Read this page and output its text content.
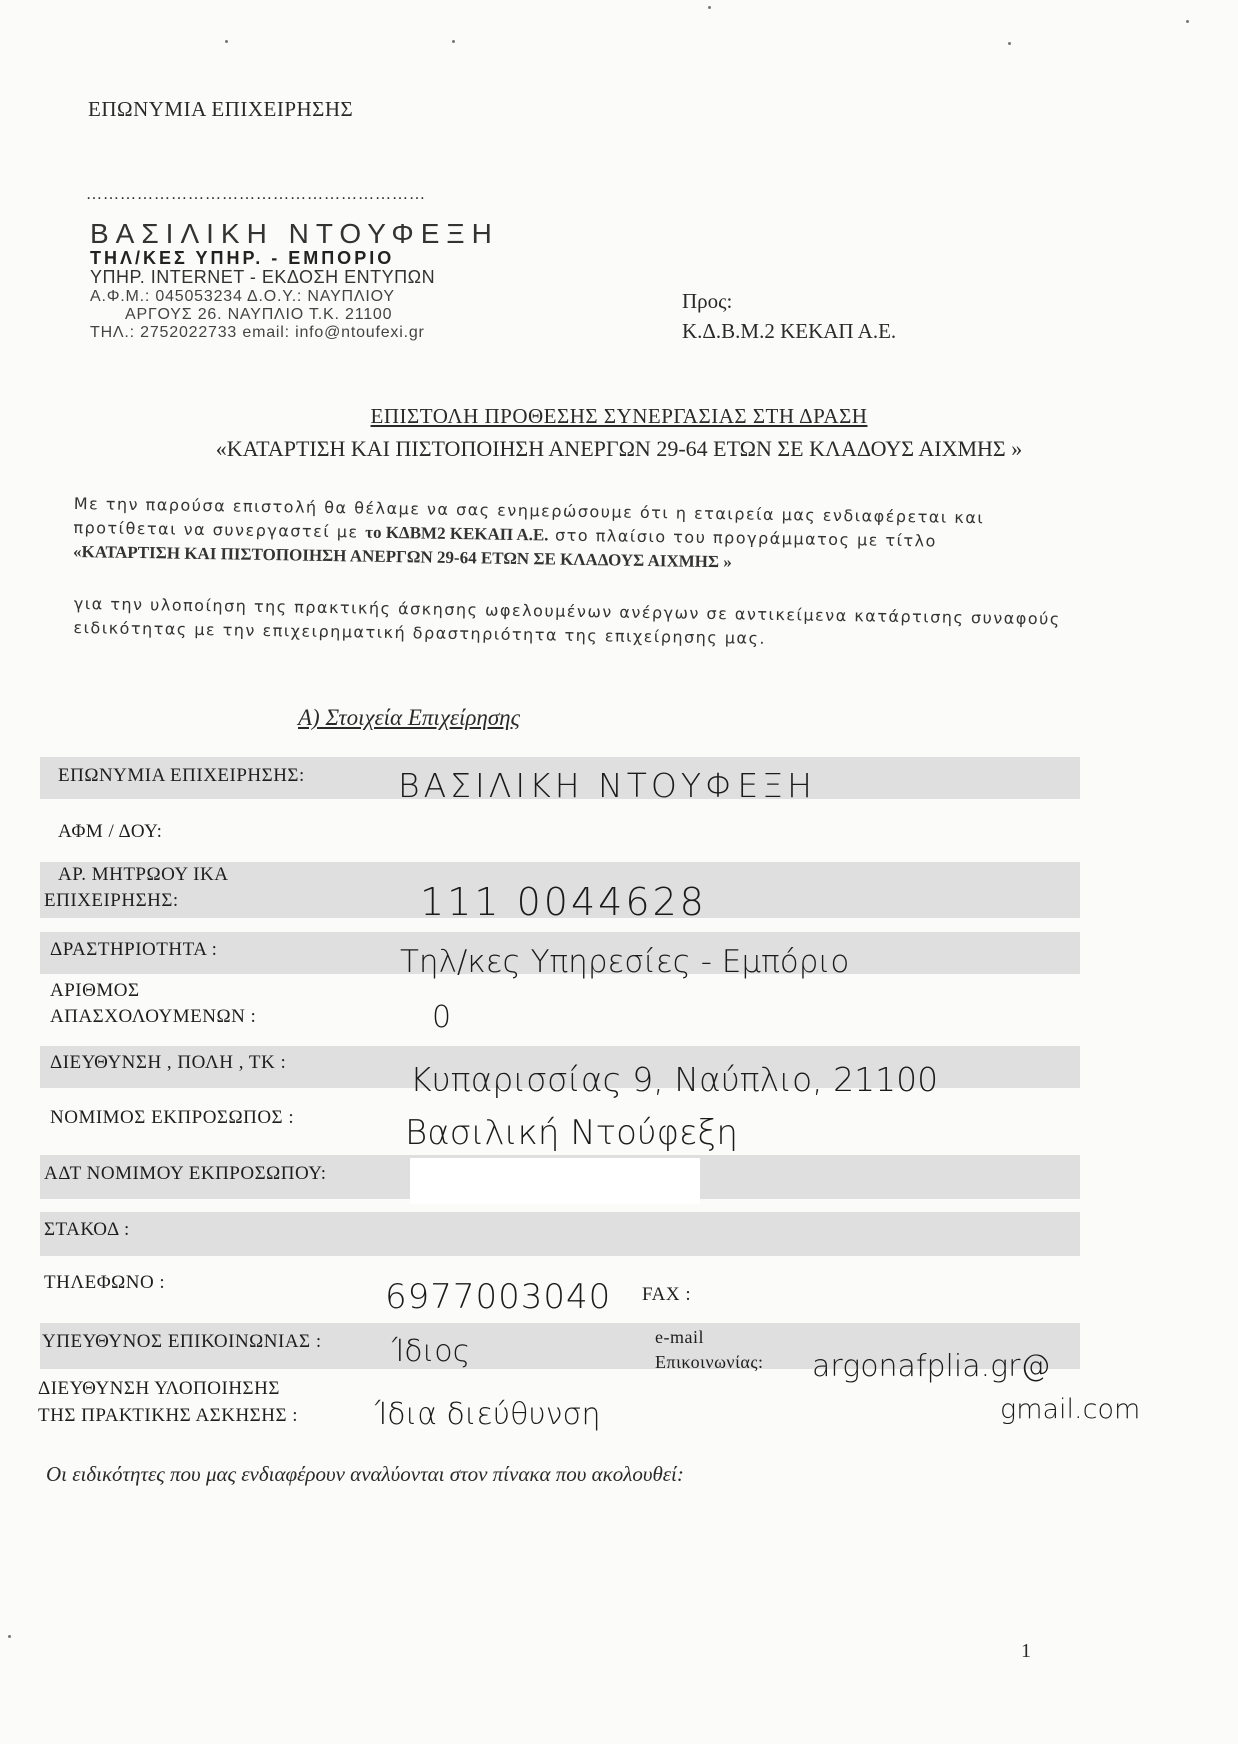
ΕΠΩΝΥΜΙΑ ΕΠΙΧΕΙΡΗΣΗΣ
……………………………………………………
ΒΑΣΙΛΙΚΗ ΝΤΟΥΦΕΞΗ
ΤΗΛ/ΚΕΣ ΥΠΗΡ. - ΕΜΠΟΡΙΟ
ΥΠΗΡ. INTERNET - ΕΚΔΟΣΗ ΕΝΤΥΠΩΝ
Α.Φ.Μ.: 045053234 Δ.Ο.Υ.: ΝΑΥΠΛΙΟΥ
ΑΡΓΟΥΣ 26. ΝΑΥΠΛΙΟ Τ.Κ. 21100
ΤΗΛ.: 2752022733 email: info@ntoufexi.gr
Προς:
Κ.Δ.Β.Μ.2 ΚΕΚΑΠ Α.Ε.
ΕΠΙΣΤΟΛΗ ΠΡΟΘΕΣΗΣ ΣΥΝΕΡΓΑΣΙΑΣ ΣΤΗ ΔΡΑΣΗ
«ΚΑΤΑΡΤΙΣΗ ΚΑΙ ΠΙΣΤΟΠΟΙΗΣΗ ΑΝΕΡΓΩΝ 29-64 ΕΤΩΝ ΣΕ ΚΛΑΔΟΥΣ ΑΙΧΜΗΣ »
Με την παρούσα επιστολή θα θέλαμε να σας ενημερώσουμε ότι η εταιρεία μας ενδιαφέρεται και προτίθεται να συνεργαστεί με το ΚΔΒΜ2 ΚΕΚΑΠ Α.Ε. στο πλαίσιο του προγράμματος με τίτλο
«ΚΑΤΑΡΤΙΣΗ ΚΑΙ ΠΙΣΤΟΠΟΙΗΣΗ ΑΝΕΡΓΩΝ 29-64 ΕΤΩΝ ΣΕ ΚΛΑΔΟΥΣ ΑΙΧΜΗΣ »
για την υλοποίηση της πρακτικής άσκησης ωφελουμένων ανέργων σε αντικείμενα κατάρτισης συναφούς ειδικότητας με την επιχειρηματική δραστηριότητα της επιχείρησης μας.
Α) Στοιχεία Επιχείρησης
ΕΠΩΝΥΜΙΑ ΕΠΙΧΕΙΡΗΣΗΣ:	ΒΑΣΙΛΙΚΗ ΝΤΟΥΦΕΞΗ
ΑΦΜ / ΔΟΥ:
ΑΡ. ΜΗΤΡΩΟΥ ΙΚΑ
ΕΠΙΧΕΙΡΗΣΗΣ:	111 0044628
ΔΡΑΣΤΗΡΙΟΤΗΤΑ :	Τηλ/κες Υπηρεσίες - Εμπόριο
ΑΡΙΘΜΟΣ
ΑΠΑΣΧΟΛΟΥΜΕΝΩΝ :	0
ΔΙΕΥΘΥΝΣΗ , ΠΟΛΗ , ΤΚ :	Κυπαρισσίας 9, Ναύπλιο, 21100
ΝΟΜΙΜΟΣ ΕΚΠΡΟΣΩΠΟΣ :	Βασιλική Ντούφεξη
ΑΔΤ ΝΟΜΙΜΟΥ ΕΚΠΡΟΣΩΠΟΥ:
ΣΤΑΚΟΔ :
ΤΗΛΕΦΩΝΟ :	6977003040 FAX :
ΥΠΕΥΘΥΝΟΣ ΕΠΙΚΟΙΝΩΝΙΑΣ : Ίδιος	e-mail
Επικοινωνίας: argonafplia.gr@
gmail.com
ΔΙΕΥΘΥΝΣΗ ΥΛΟΠΟΙΗΣΗΣ
ΤΗΣ ΠΡΑΚΤΙΚΗΣ ΑΣΚΗΣΗΣ :	Ίδια διεύθυνση
Οι ειδικότητες που μας ενδιαφέρουν αναλύονται στον πίνακα που ακολουθεί:
1
